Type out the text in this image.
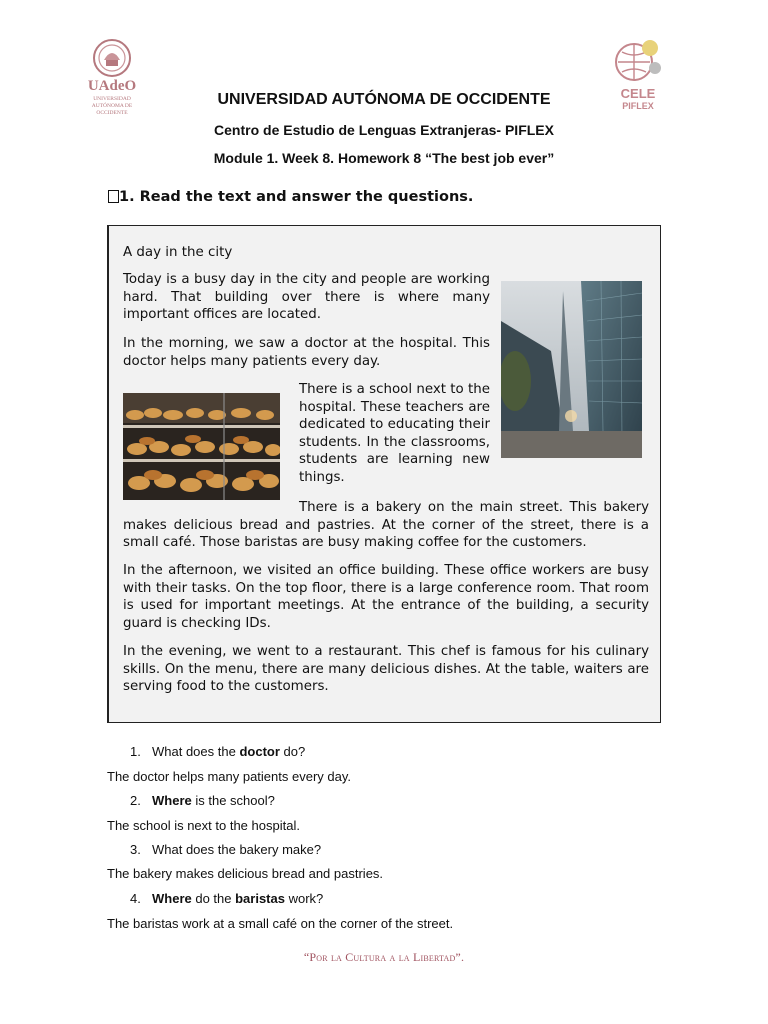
UAdeO
UNIVERSIDAD
AUTÓNOMA DE
OCCIDENTE
CELE
PIFLEX
UNIVERSIDAD AUTÓNOMA DE OCCIDENTE
Centro de Estudio de Lenguas Extranjeras- PIFLEX
Module 1. Week 8. Homework 8 “The best job ever”
1. Read the text and answer the questions.
A day in the city
Today is a busy day in the city and people are working hard. That building over there is where many important offices are located.
In the morning, we saw a doctor at the hospital. This doctor helps many patients every day.
There is a school next to the hospital. These teachers are dedicated to educating their students. In the classrooms, students are learning new things.
There is a bakery on the main street. This bakery makes delicious bread and pastries. At the corner of the street, there is a small café. Those baristas are busy making coffee for the customers.
In the afternoon, we visited an office building. These office workers are busy with their tasks. On the top floor, there is a large conference room. That room is used for important meetings. At the entrance of the building, a security guard is checking IDs.
In the evening, we went to a restaurant. This chef is famous for his culinary skills. On the menu, there are many delicious dishes. At the table, waiters are serving food to the customers.
1. What does the doctor do?
The doctor helps many patients every day.
2. Where is the school?
The school is next to the hospital.
3. What does the bakery make?
The bakery makes delicious bread and pastries.
4. Where do the baristas work?
The baristas work at a small café on the corner of the street.
“Por la Cultura a la Libertad”.
